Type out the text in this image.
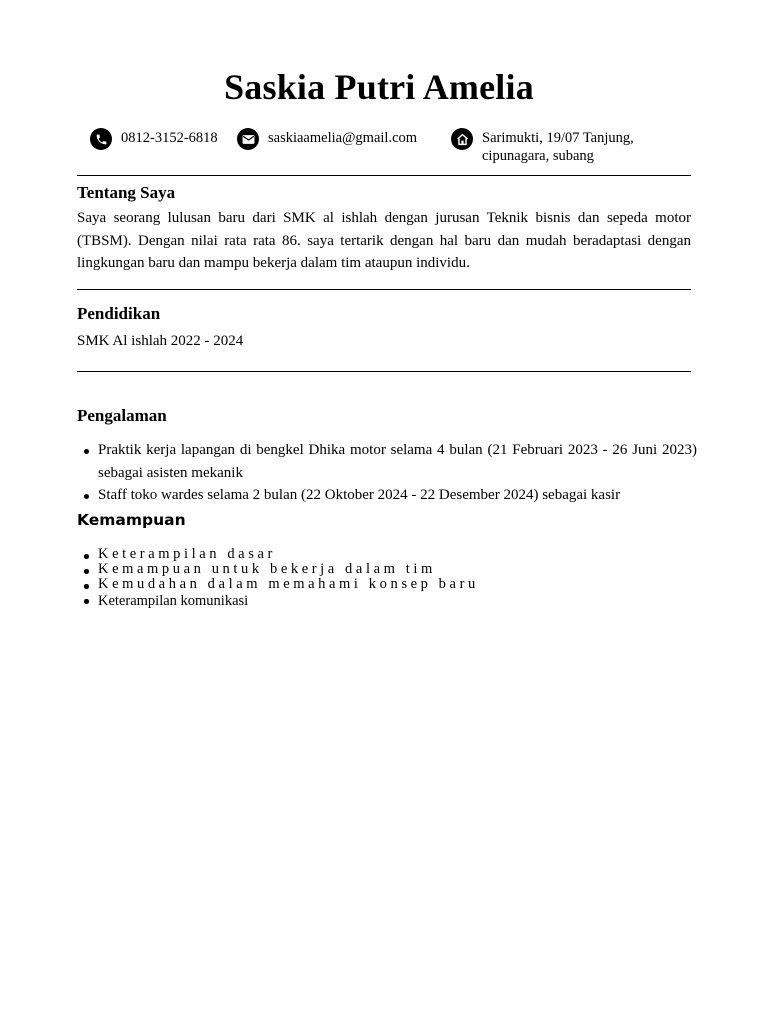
Saskia Putri Amelia
0812-3152-6818	saskiaamelia@gmail.com	Sarimukti, 19/07 Tanjung,
cipunagara, subang
Tentang Saya
Saya seorang lulusan baru dari SMK al ishlah dengan jurusan Teknik bisnis dan sepeda motor (TBSM). Dengan nilai rata rata 86. saya tertarik dengan hal baru dan mudah beradaptasi dengan lingkungan baru dan mampu bekerja dalam tim ataupun individu.
Pendidikan
SMK Al ishlah 2022 - 2024
Pengalaman
Praktik kerja lapangan di bengkel Dhika motor selama 4 bulan (21 Februari 2023 - 26 Juni 2023) sebagai asisten mekanik
Staff toko wardes selama 2 bulan (22 Oktober 2024 - 22 Desember 2024) sebagai kasir
Kemampuan
Keterampilan dasar
Kemampuan untuk bekerja dalam tim
Kemudahan dalam memahami konsep baru
Keterampilan komunikasi
